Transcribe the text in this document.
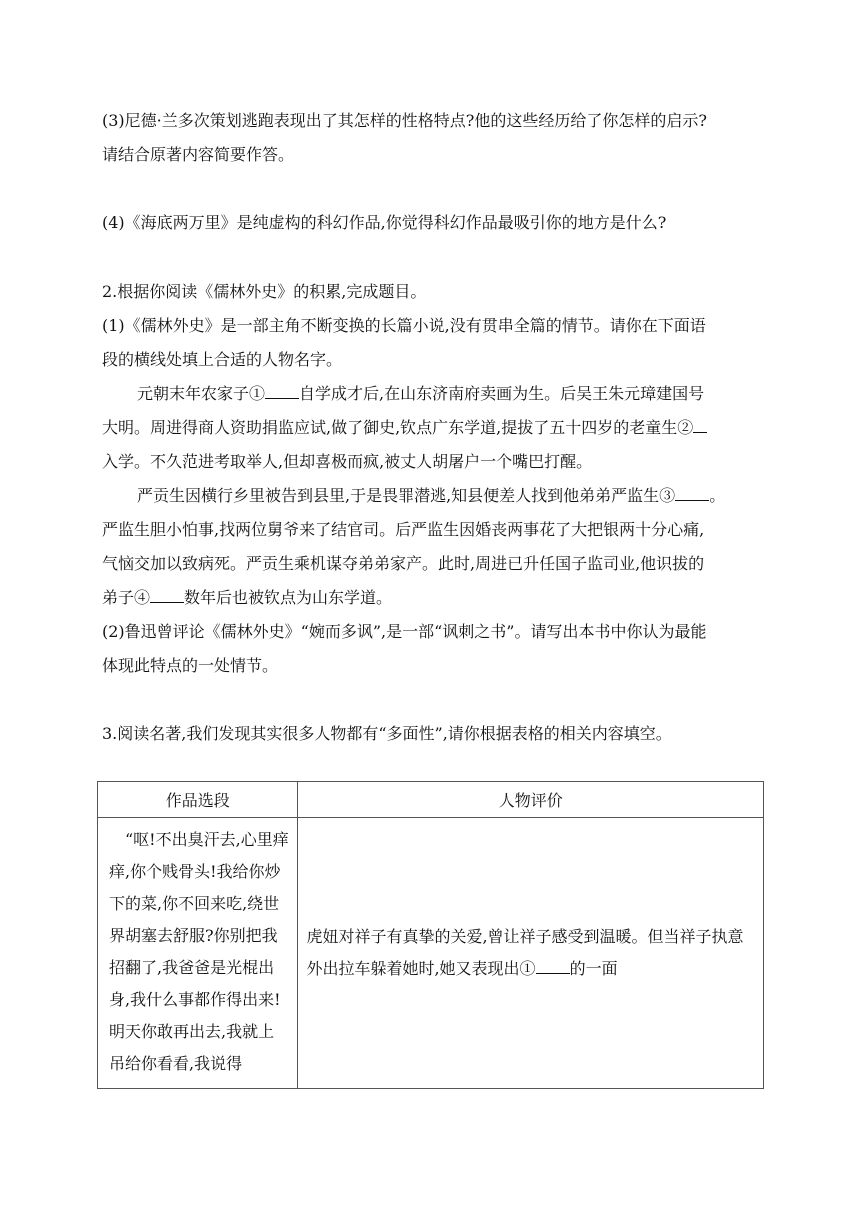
(3)尼德·兰多次策划逃跑表现出了其怎样的性格特点?他的这些经历给了你怎样的启示?
请结合原著内容简要作答。
(4)《海底两万里》是纯虚构的科幻作品,你觉得科幻作品最吸引你的地方是什么?
2.根据你阅读《儒林外史》的积累,完成题目。
(1)《儒林外史》是一部主角不断变换的长篇小说,没有贯串全篇的情节。请你在下面语
段的横线处填上合适的人物名字。
元朝末年农家子① 自学成才后,在山东济南府卖画为生。后吴王朱元璋建国号
大明。周进得商人资助捐监应试,做了御史,钦点广东学道,提拔了五十四岁的老童生②
入学。不久范进考取举人,但却喜极而疯,被丈人胡屠户一个嘴巴打醒。
严贡生因横行乡里被告到县里,于是畏罪潜逃,知县便差人找到他弟弟严监生③ 。
严监生胆小怕事,找两位舅爷来了结官司。后严监生因婚丧两事花了大把银两十分心痛,
气恼交加以致病死。严贡生乘机谋夺弟弟家产。此时,周进已升任国子监司业,他识拔的
弟子④ 数年后也被钦点为山东学道。
(2)鲁迅曾评论《儒林外史》“婉而多讽”,是一部“讽刺之书”。请写出本书中你认为最能
体现此特点的一处情节。
3.阅读名著,我们发现其实很多人物都有“多面性”,请你根据表格的相关内容填空。
作品选段	人物评价

“呕!不出臭汗去,心里痒痒,你个贱骨头!我给你炒下的菜,你不回来吃,绕世界胡塞去舒服?你别把我招翻了,我爸爸是光棍出身,我什么事都作得出来!明天你敢再出去,我就上吊给你看看,我说得	虎妞对祥子有真挚的关爱,曾让祥子感受到温暖。但当祥子执意外出拉车躲着她时,她又表现出① 的一面
